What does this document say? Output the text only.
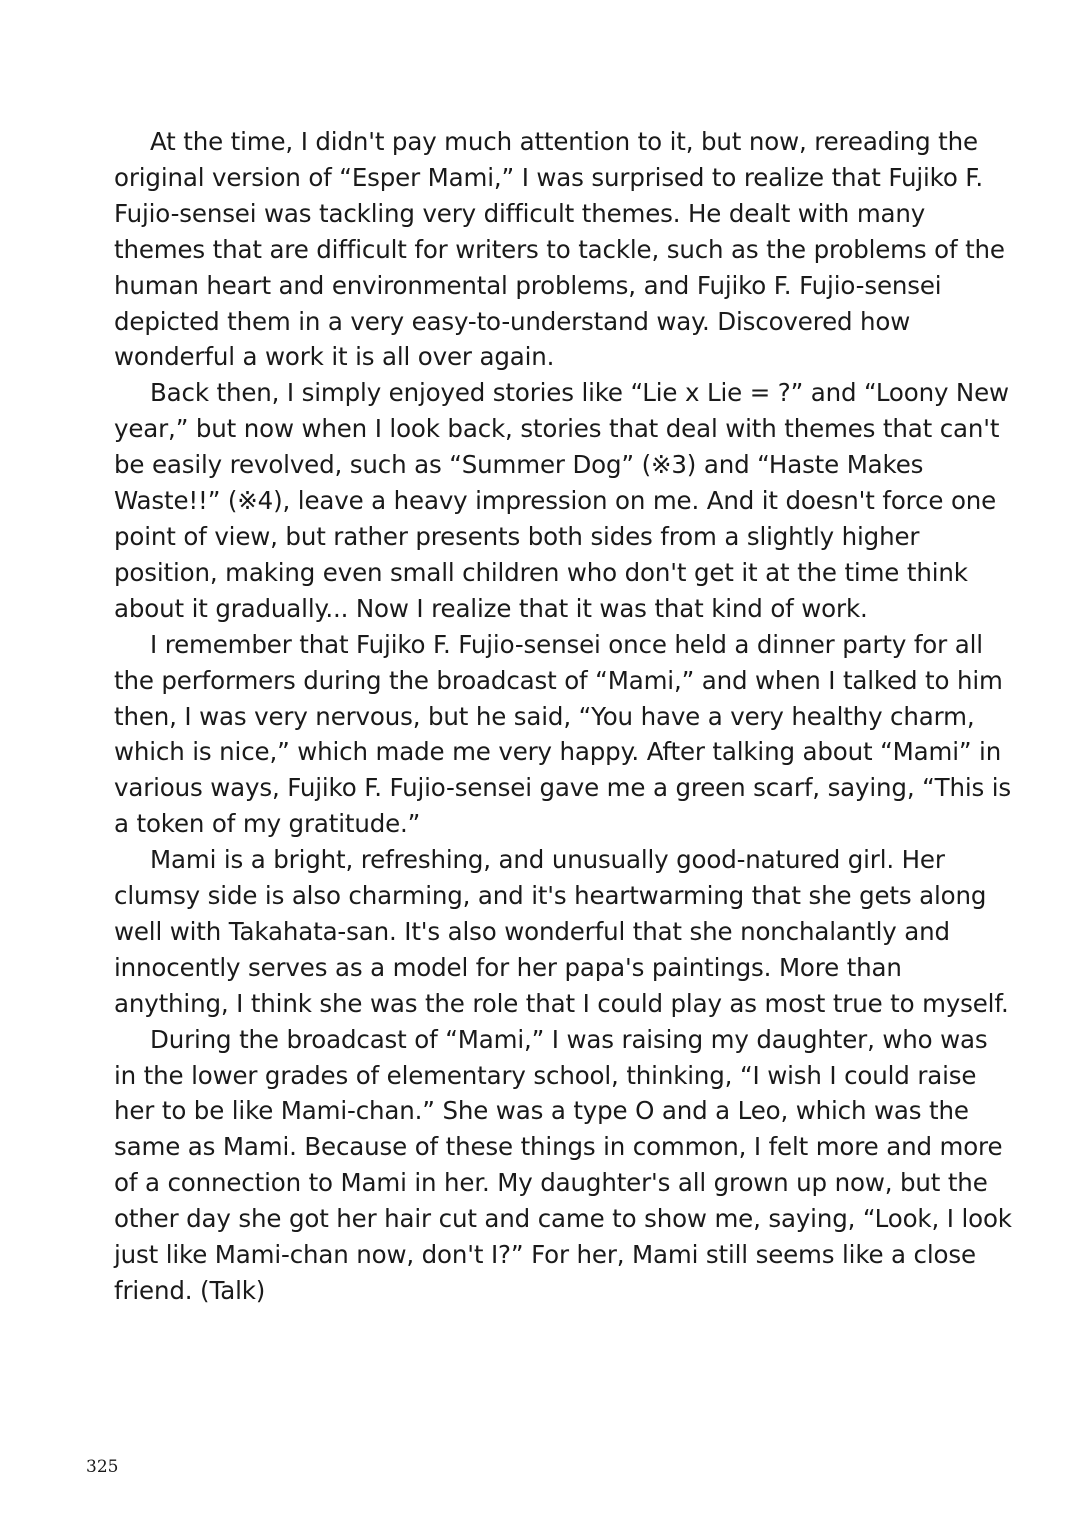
At the time, I didn't pay much attention to it, but now, rereading the original version of “Esper Mami,” I was surprised to realize that Fujiko F. Fujio-sensei was tackling very difficult themes. He dealt with many themes that are difficult for writers to tackle, such as the problems of the human heart and environmental problems, and Fujiko F. Fujio-sensei depicted them in a very easy-to-understand way. Discovered how wonderful a work it is all over again.

Back then, I simply enjoyed stories like “Lie x Lie = ?” and “Loony New year,” but now when I look back, stories that deal with themes that can't be easily revolved, such as “Summer Dog” (※3) and “Haste Makes Waste!!” (※4), leave a heavy impression on me. And it doesn't force one point of view, but rather presents both sides from a slightly higher position, making even small children who don't get it at the time think about it gradually... Now I realize that it was that kind of work.

I remember that Fujiko F. Fujio-sensei once held a dinner party for all the performers during the broadcast of “Mami,” and when I talked to him then, I was very nervous, but he said, “You have a very healthy charm, which is nice,” which made me very happy. After talking about “Mami” in various ways, Fujiko F. Fujio-sensei gave me a green scarf, saying, “This is a token of my gratitude.”

Mami is a bright, refreshing, and unusually good-natured girl. Her clumsy side is also charming, and it's heartwarming that she gets along well with Takahata-san. It's also wonderful that she nonchalantly and innocently serves as a model for her papa's paintings. More than anything, I think she was the role that I could play as most true to myself.

During the broadcast of “Mami,” I was raising my daughter, who was in the lower grades of elementary school, thinking, “I wish I could raise her to be like Mami-chan.” She was a type O and a Leo, which was the same as Mami. Because of these things in common, I felt more and more of a connection to Mami in her. My daughter's all grown up now, but the other day she got her hair cut and came to show me, saying, “Look, I look just like Mami-chan now, don't I?” For her, Mami still seems like a close friend. (Talk)

325
